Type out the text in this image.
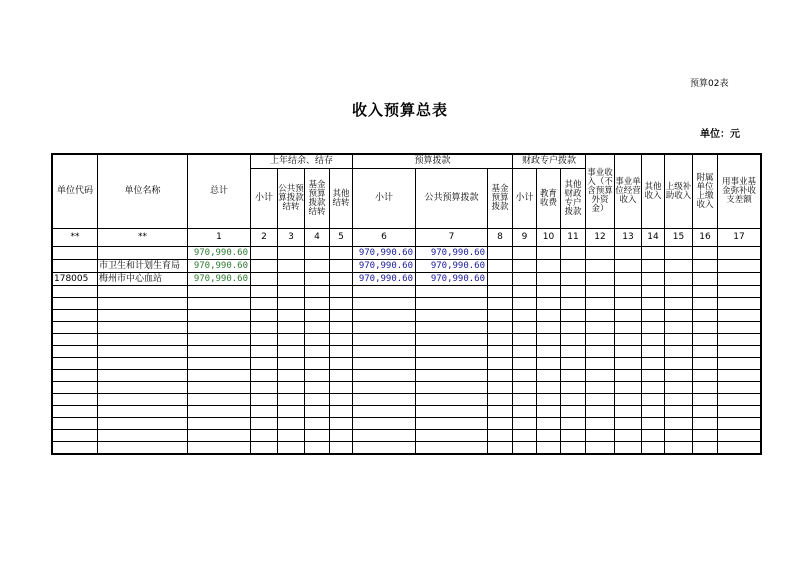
预算02表
收入预算总表
单位：元
单位代码	单位名称	总计	上年结余、结存				预算拨款			财政专户拨款			事业收入（不含预算外资金）	事业单位经营收入	其他收入	上级补助收入	附属单位上缴收入	用事业基金弥补收支差额
			小计	公共预算拨款结转	基金预算拨款结转	其他结转	小计	公共预算拨款	基金预算拨款	小计	教育收费	其他财政专户拨款						
**	**	1	2	3	4	5	6	7	8	9	10	11	12	13	14	15	16	17
		970,990.60					970,990.60	970,990.60										
	市卫生和计划生育局	970,990.60					970,990.60	970,990.60										
178005	梅州市中心血站	970,990.60					970,990.60	970,990.60										
